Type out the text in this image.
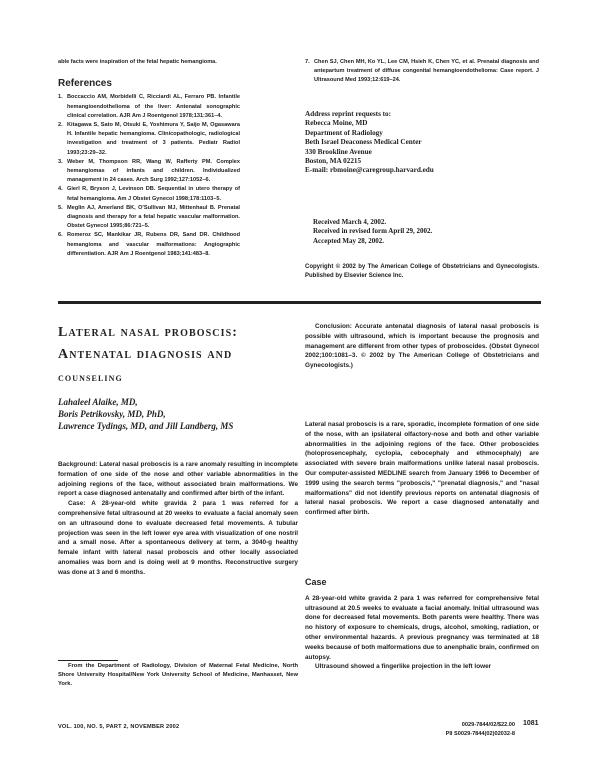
able facts were inspiration of the fetal hepatic hemangioma.

References
1. Boccaccio AM, Morbidelli C, Ricciardi AL, Ferraro PB. Infantile hemangioendothelioma of the liver: Antenatal sonographic clinical correlation. AJR Am J Roentgenol 1978;131:361–4.
2. Kitagawa S, Sato M, Otsuki E, Yoshimura Y, Saijo M, Ogasawara H. Infantile hepatic hemangioma. Clinicopathologic, radiological investigation and treatment of 3 patients. Pediatr Radiol 1993;23:29–32.
3. Weber M, Thompson RR, Wang W, Rafferty PM. Complex hemangiomas of infants and children. Individualized management in 24 cases. Arch Surg 1992;127:1052–6.
4. Gierl R, Bryson J, Levinson DB. Sequential in utero therapy of fetal hemangioma. Am J Obstet Gynecol 1998;178:1103–5.
5. Meglin AJ, Amerland BK, O'Sullivan MJ, Mittenhaul B. Prenatal diagnosis and therapy for a fetal hepatic vascular malformation. Obstet Gynecol 1995;86:721–5.
6. Romeroz SC, Mankikar JR, Rubens DR, Sand DR. Childhood hemangioma and vascular malformations: Angiographic differentiation. AJR Am J Roentgenol 1983;141:483–8.
7. Chen SJ, Chen MH, Ko YL, Lee CM, Hsieh K, Chen YC, et al. Prenatal diagnosis and antepartum treatment of diffuse congenital hemangioendothelioma: Case report. J Ultrasound Med 1993;12:619–24.
Address reprint requests to:
Rebecca Moine, MD
Department of Radiology
Beth Israel Deaconess Medical Center
330 Brookline Avenue
Boston, MA 02215
E-mail: rbmoine@caregroup.harvard.edu
Received March 4, 2002.
Received in revised form April 29, 2002.
Accepted May 28, 2002.
Copyright © 2002 by The American College of Obstetricians and Gynecologists. Published by Elsevier Science Inc.
Lateral nasal proboscis:
Antenatal diagnosis and
counseling
Lahaleel Alaike, MD,
Boris Petrikovsky, MD, PhD,
Lawrence Tydings, MD, and Jill Landberg, MS

Background: Lateral nasal proboscis is a rare anomaly resulting in incomplete formation of one side of the nose and other variable abnormalities in the adjoining regions of the face, without associated brain malformations. We report a case diagnosed antenatally and confirmed after birth of the infant.

Case: A 28-year-old white gravida 2 para 1 was referred for a comprehensive fetal ultrasound at 20 weeks to evaluate a facial anomaly seen on an ultrasound done to evaluate decreased fetal movements. A tubular projection was seen in the left lower eye area with visualization of one nostril and a small nose. After a spontaneous delivery at term, a 3040-g healthy female infant with lateral nasal proboscis and other locally associated anomalies was born and is doing well at 9 months. Reconstructive surgery was done at 3 and 6 months.

From the Department of Radiology, Division of Maternal Fetal Medicine, North Shore University Hospital/New York University School of Medicine, Manhasset, New York.

Conclusion: Accurate antenatal diagnosis of lateral nasal proboscis is possible with ultrasound, which is important because the prognosis and management are different from other types of proboscides. (Obstet Gynecol 2002;100:1081–3. © 2002 by The American College of Obstetricians and Gynecologists.)

Lateral nasal proboscis is a rare, sporadic, incomplete formation of one side of the nose, with an ipsilateral olfactory-nose and both and other variable abnormalities in the adjoining regions of the face. Other proboscides (holoprosencephaly, cyclopia, cebocephaly and ethmocephaly) are associated with severe brain malformations unlike lateral nasal proboscis. Our computer-assisted MEDLINE search from January 1966 to December of 1999 using the search terms "proboscis," "prenatal diagnosis," and "nasal malformations" did not identify previous reports on antenatal diagnosis of lateral nasal proboscis. We report a case diagnosed antenatally and confirmed after birth.

Case

A 28-year-old white gravida 2 para 1 was referred for comprehensive fetal ultrasound at 20.5 weeks to evaluate a facial anomaly. Initial ultrasound was done for decreased fetal movements. Both parents were healthy. There was no history of exposure to chemicals, drugs, alcohol, smoking, radiation, or other environmental hazards. A previous pregnancy was terminated at 18 weeks because of both malformations due to anenphalic brain, confirmed on autopsy.

Ultrasound showed a fingerlike projection in the left lower

VOL. 100, NO. 5, PART 2, NOVEMBER 2002	0029-7844/02/$22.00
PII S0029-7844(02)02032-8
1081
